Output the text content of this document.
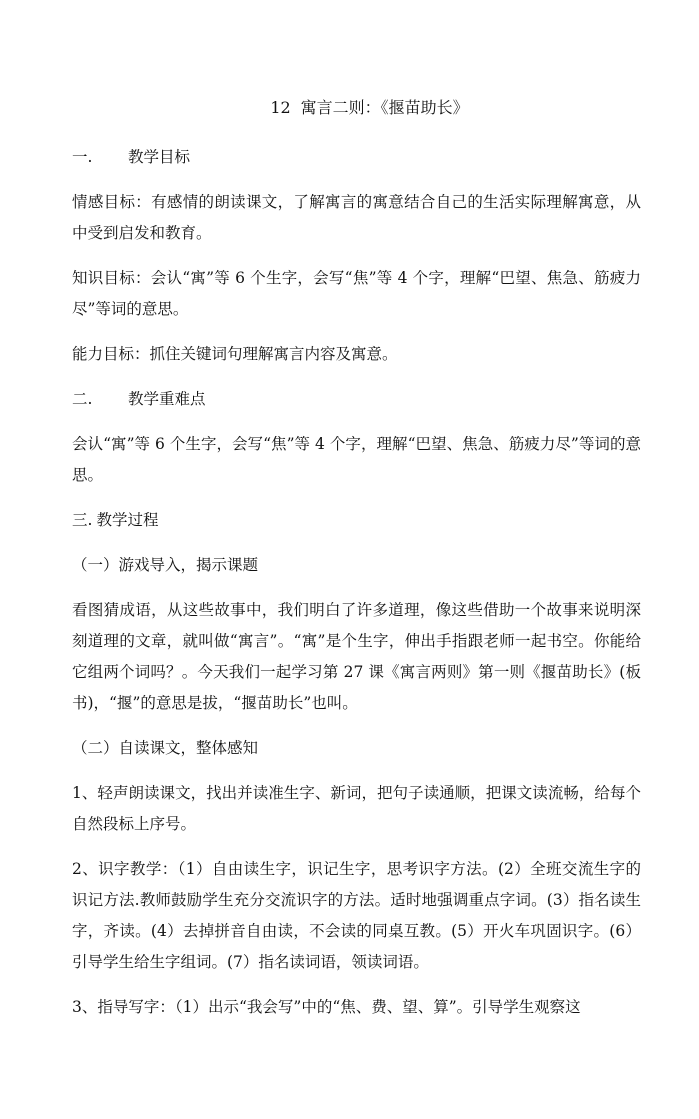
12 寓言二则：《揠苗助长》

一.	教学目标

情感目标：有感情的朗读课文，了解寓言的寓意结合自己的生活实际理解寓意，从中受到启发和教育。

知识目标：会认“寓”等 6 个生字，会写“焦”等 4 个字，理解“巴望、焦急、筋疲力尽”等词的意思。

能力目标：抓住关键词句理解寓言内容及寓意。

二.	教学重难点

会认“寓”等 6 个生字，会写“焦”等 4 个字，理解“巴望、焦急、筋疲力尽”等词的意思。

三. 教学过程

（一）游戏导入，揭示课题

看图猜成语，从这些故事中，我们明白了许多道理，像这些借助一个故事来说明深刻道理的文章，就叫做“寓言”。“寓”是个生字，伸出手指跟老师一起书空。你能给它组两个词吗？。今天我们一起学习第 27 课《寓言两则》第一则《揠苗助长》(板书)，“揠”的意思是拔，“揠苗助长”也叫。

（二）自读课文，整体感知

1、轻声朗读课文，找出并读准生字、新词，把句子读通顺，把课文读流畅，给每个自然段标上序号。

2、识字教学：（1）自由读生字，识记生字，思考识字方法。(2）全班交流生字的识记方法.教师鼓励学生充分交流识字的方法。适时地强调重点字词。(3）指名读生字，齐读。(4）去掉拼音自由读，不会读的同桌互教。(5）开火车巩固识字。(6）引导学生给生字组词。(7）指名读词语，领读词语。

3、指导写字：（1）出示“我会写”中的“焦、费、望、算”。引导学生观察这
